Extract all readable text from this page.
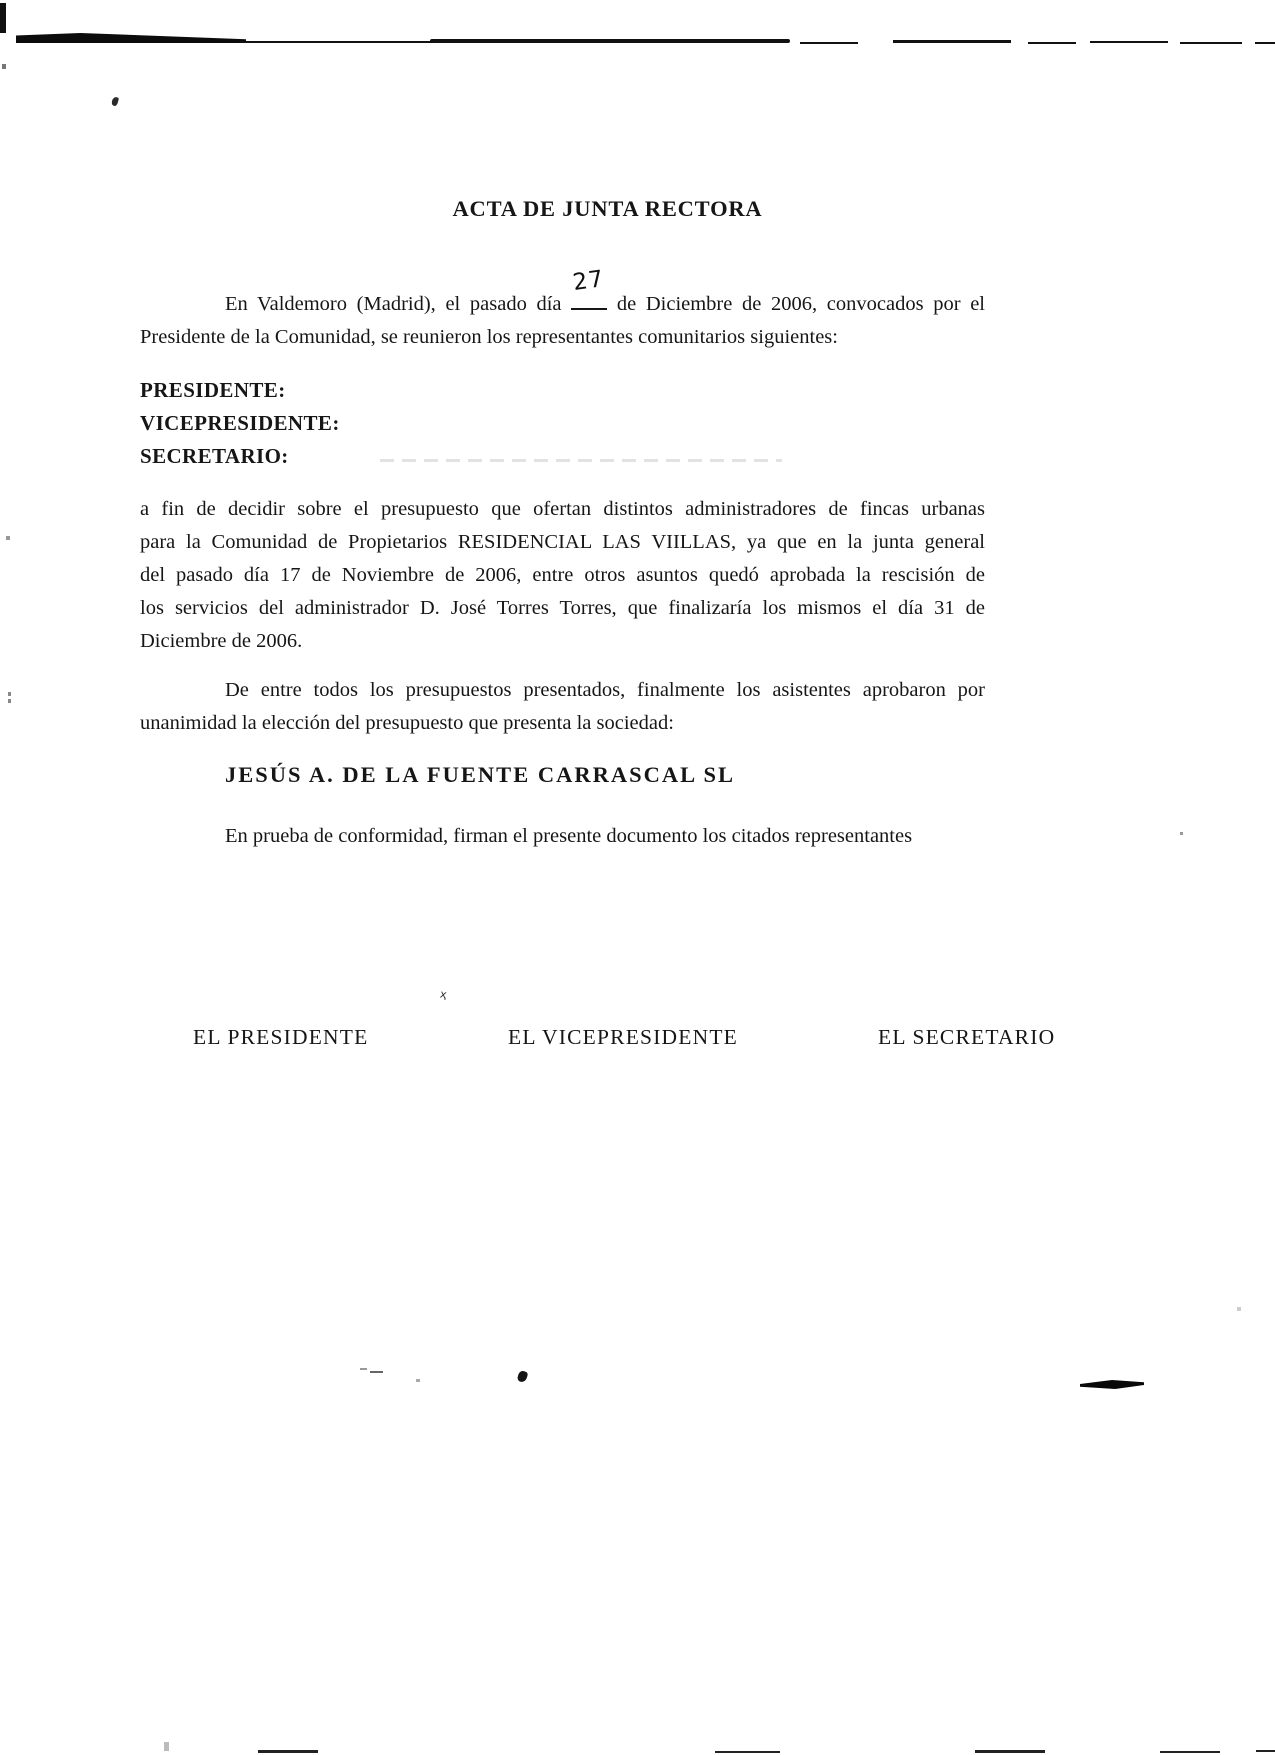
ACTA DE JUNTA RECTORA
En Valdemoro (Madrid), el pasado día
27
de Diciembre de 2006, convocados por el
Presidente de la Comunidad, se reunieron los representantes comunitarios siguientes:
PRESIDENTE:
VICEPRESIDENTE:
SECRETARIO:
a fin de decidir sobre el presupuesto que ofertan distintos administradores de fincas urbanas
para la Comunidad de Propietarios RESIDENCIAL LAS VIILLAS, ya que en la junta general
del pasado día 17 de Noviembre de 2006, entre otros asuntos quedó aprobada la rescisión de
los servicios del administrador D. José Torres Torres, que finalizaría los mismos el día 31 de
Diciembre de 2006.
De entre todos los presupuestos presentados, finalmente los asistentes aprobaron por
unanimidad la elección del presupuesto que presenta la sociedad:
JESÚS A. DE LA FUENTE CARRASCAL SL
En prueba de conformidad, firman el presente documento los citados representantes
ҳ
EL PRESIDENTE	EL VICEPRESIDENTE	EL SECRETARIO
